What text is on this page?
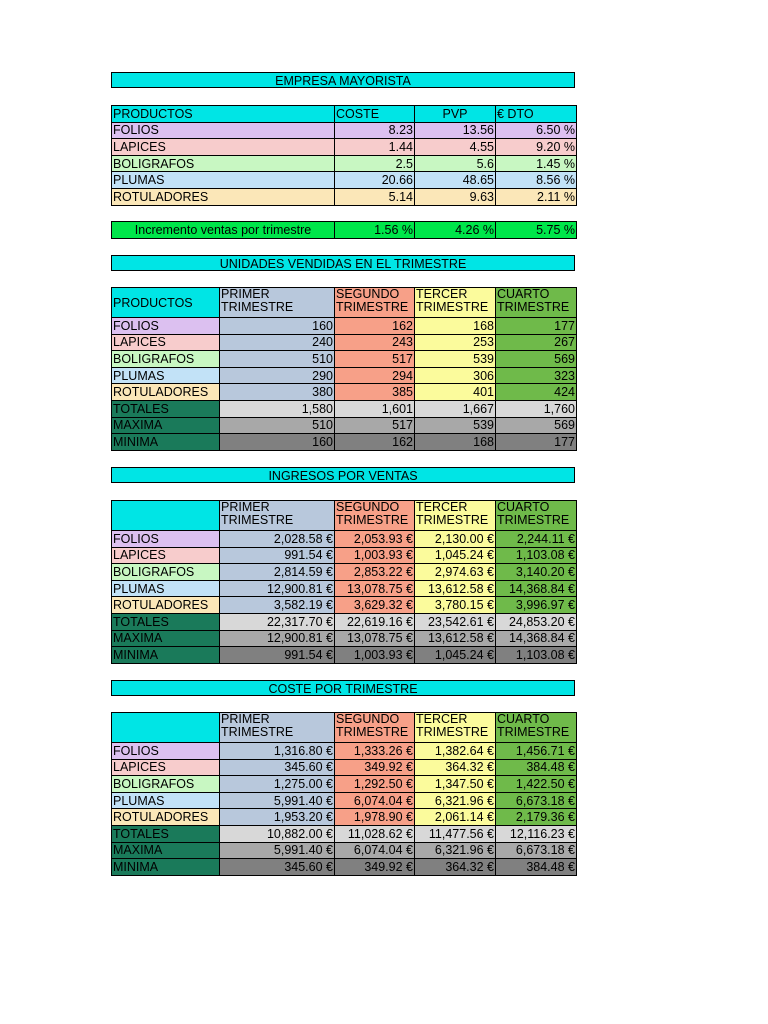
EMPRESA MAYORISTA
PRODUCTOS	COSTE	PVP	€ DTO
FOLIOS	8.23	13.56	6.50 %
LAPICES	1.44	4.55	9.20 %
BOLIGRAFOS	2.5	5.6	1.45 %
PLUMAS	20.66	48.65	8.56 %
ROTULADORES	5.14	9.63	2.11 %
Incremento ventas por trimestre	1.56 %	4.26 %	5.75 %
UNIDADES VENDIDAS EN EL TRIMESTRE
PRODUCTOS	PRIMER TRIMESTRE	SEGUNDO TRIMESTRE	TERCER TRIMESTRE	CUARTO TRIMESTRE
FOLIOS	160	162	168	177
LAPICES	240	243	253	267
BOLIGRAFOS	510	517	539	569
PLUMAS	290	294	306	323
ROTULADORES	380	385	401	424
TOTALES	1,580	1,601	1,667	1,760
MAXIMA	510	517	539	569
MINIMA	160	162	168	177
INGRESOS POR VENTAS
	PRIMER TRIMESTRE	SEGUNDO TRIMESTRE	TERCER TRIMESTRE	CUARTO TRIMESTRE
FOLIOS	2,028.58 €	2,053.93 €	2,130.00 €	2,244.11 €
LAPICES	991.54 €	1,003.93 €	1,045.24 €	1,103.08 €
BOLIGRAFOS	2,814.59 €	2,853.22 €	2,974.63 €	3,140.20 €
PLUMAS	12,900.81 €	13,078.75 €	13,612.58 €	14,368.84 €
ROTULADORES	3,582.19 €	3,629.32 €	3,780.15 €	3,996.97 €
TOTALES	22,317.70 €	22,619.16 €	23,542.61 €	24,853.20 €
MAXIMA	12,900.81 €	13,078.75 €	13,612.58 €	14,368.84 €
MINIMA	991.54 €	1,003.93 €	1,045.24 €	1,103.08 €
COSTE POR TRIMESTRE
	PRIMER TRIMESTRE	SEGUNDO TRIMESTRE	TERCER TRIMESTRE	CUARTO TRIMESTRE
FOLIOS	1,316.80 €	1,333.26 €	1,382.64 €	1,456.71 €
LAPICES	345.60 €	349.92 €	364.32 €	384.48 €
BOLIGRAFOS	1,275.00 €	1,292.50 €	1,347.50 €	1,422.50 €
PLUMAS	5,991.40 €	6,074.04 €	6,321.96 €	6,673.18 €
ROTULADORES	1,953.20 €	1,978.90 €	2,061.14 €	2,179.36 €
TOTALES	10,882.00 €	11,028.62 €	11,477.56 €	12,116.23 €
MAXIMA	5,991.40 €	6,074.04 €	6,321.96 €	6,673.18 €
MINIMA	345.60 €	349.92 €	364.32 €	384.48 €
